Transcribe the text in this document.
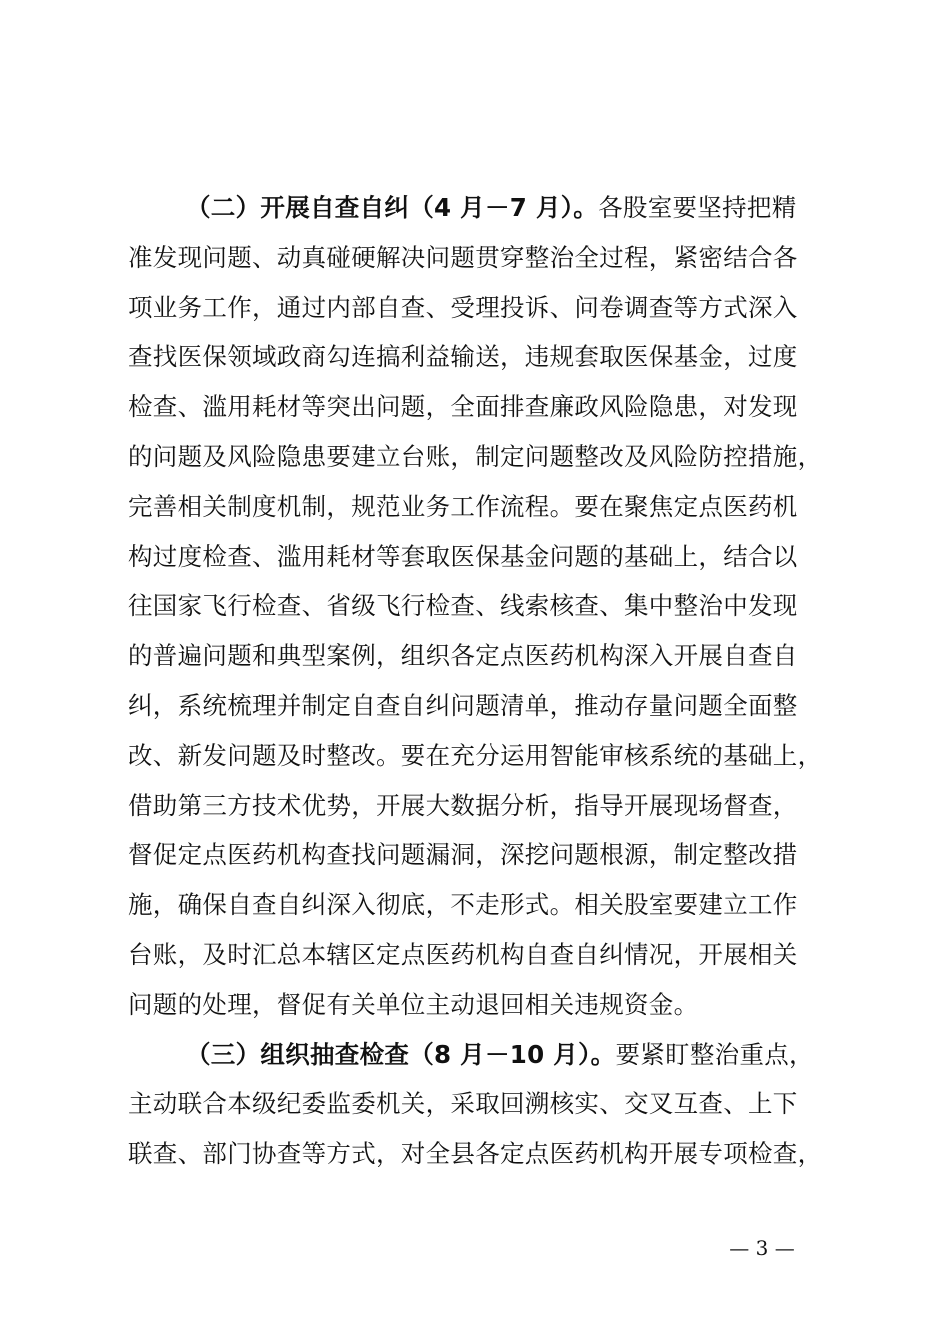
（二）开展自查自纠（4 月－7 月）。各股室要坚持把精
准发现问题、动真碰硬解决问题贯穿整治全过程，紧密结合各
项业务工作，通过内部自查、受理投诉、问卷调查等方式深入
查找医保领域政商勾连搞利益输送，违规套取医保基金，过度
检查、滥用耗材等突出问题，全面排查廉政风险隐患，对发现
的问题及风险隐患要建立台账，制定问题整改及风险防控措施，
完善相关制度机制，规范业务工作流程。要在聚焦定点医药机
构过度检查、滥用耗材等套取医保基金问题的基础上，结合以
往国家飞行检查、省级飞行检查、线索核查、集中整治中发现
的普遍问题和典型案例，组织各定点医药机构深入开展自查自
纠，系统梳理并制定自查自纠问题清单，推动存量问题全面整
改、新发问题及时整改。要在充分运用智能审核系统的基础上，
借助第三方技术优势，开展大数据分析，指导开展现场督查，
督促定点医药机构查找问题漏洞，深挖问题根源，制定整改措
施，确保自查自纠深入彻底，不走形式。相关股室要建立工作
台账，及时汇总本辖区定点医药机构自查自纠情况，开展相关
问题的处理，督促有关单位主动退回相关违规资金。
（三）组织抽查检查（8 月－10 月）。要紧盯整治重点，
主动联合本级纪委监委机关，采取回溯核实、交叉互查、上下
联查、部门协查等方式，对全县各定点医药机构开展专项检查，
— 3 —
